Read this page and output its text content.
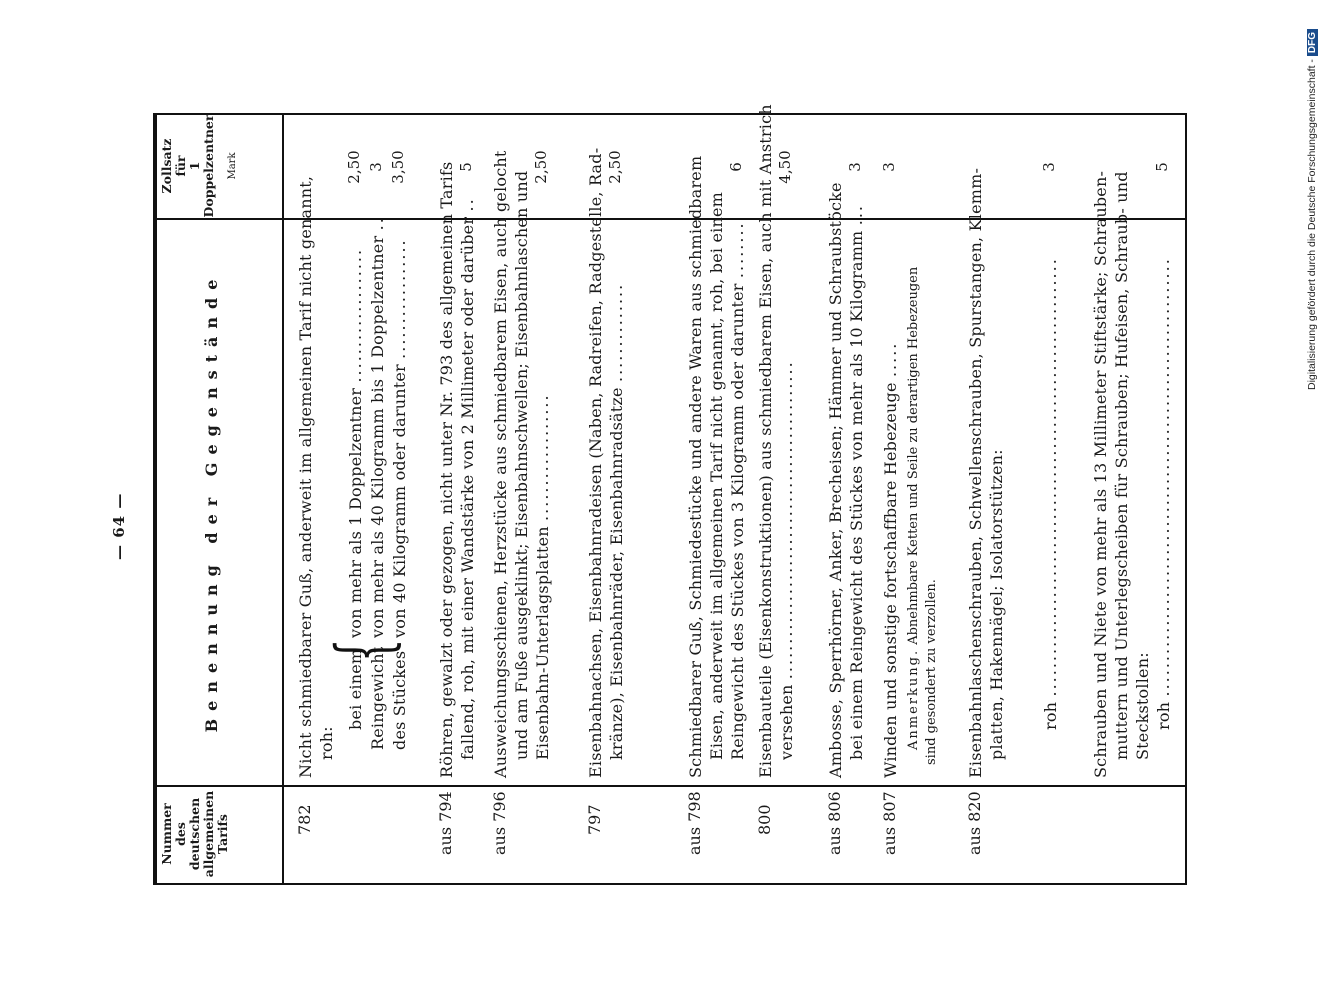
— 64 —
Nummer des deutschen allgemeinen Tarifs
Benennung der Gegenstände
Zollsatz für 1 Doppelzentner Mark
782
Nicht schmiedbarer Guß, anderweit im allgemeinen Tarif nicht genannt, roh:
bei einem Reingewicht des Stückes
{
von mehr als 1 Doppelzentner ................... von mehr als 40 Kilogramm bis 1 Doppelzentner ..
von 40 Kilogramm oder darunter .................
2,50 3 3,50
aus 794
Röhren, gewalzt oder gezogen, nicht unter Nr. 793 des allgemeinen Tarifs fallend, roh, mit einer Wandstärke von 2 Millimeter oder darüber ..
5
aus 796
Ausweichungsschienen, Herzstücke aus schmiedbarem Eisen, auch gelocht und am Fuße ausgeklinkt; Eisenbahnschwellen; Eisenbahnlaschen und Eisenbahn-Unterlagsplatten ..................
2,50
797
Eisenbahnachsen, Eisenbahnradeisen (Naben, Radreifen, Radgestelle, Rad- kränze), Eisenbahnräder, Eisenbahnradsätze ..............
2,50
aus 798
Schmiedbarer Guß, Schmiedestücke und andere Waren aus schmiedbarem Eisen, anderweit im allgemeinen Tarif nicht genannt, roh, bei einem Reingewicht des Stückes von 3 Kilogramm oder darunter ........
6
800
Eisenbauteile (Eisenkonstruktionen) aus schmiedbarem Eisen, auch mit Anstrich versehen .............................................
4,50
aus 806
Ambosse, Sperrhörner, Anker, Brecheisen; Hämmer und Schraubstöcke bei einem Reingewicht des Stückes von mehr als 10 Kilogramm ...
3
aus 807
Winden und sonstige fortschaffbare Hebezeuge .....
3
Anmerkung. Abnehmbare Ketten und Seile zu derartigen Hebezeugen
sind gesondert zu verzollen.
aus 820
Eisenbahnlaschenschrauben, Schwellenschrauben, Spurstangen, Klemm- platten, Hakennägel; Isolatorstützen: roh ..............................................................
3
Schrauben und Niete von mehr als 13 Millimeter Stiftstärke; Schrauben- muttern und Unterlegscheiben für Schrauben; Hufeisen, Schraub- und Steckstollen: roh ..............................................................
5	Digitalisierung gefördert durch die Deutsche Forschungsgemeinschaft -DFG
